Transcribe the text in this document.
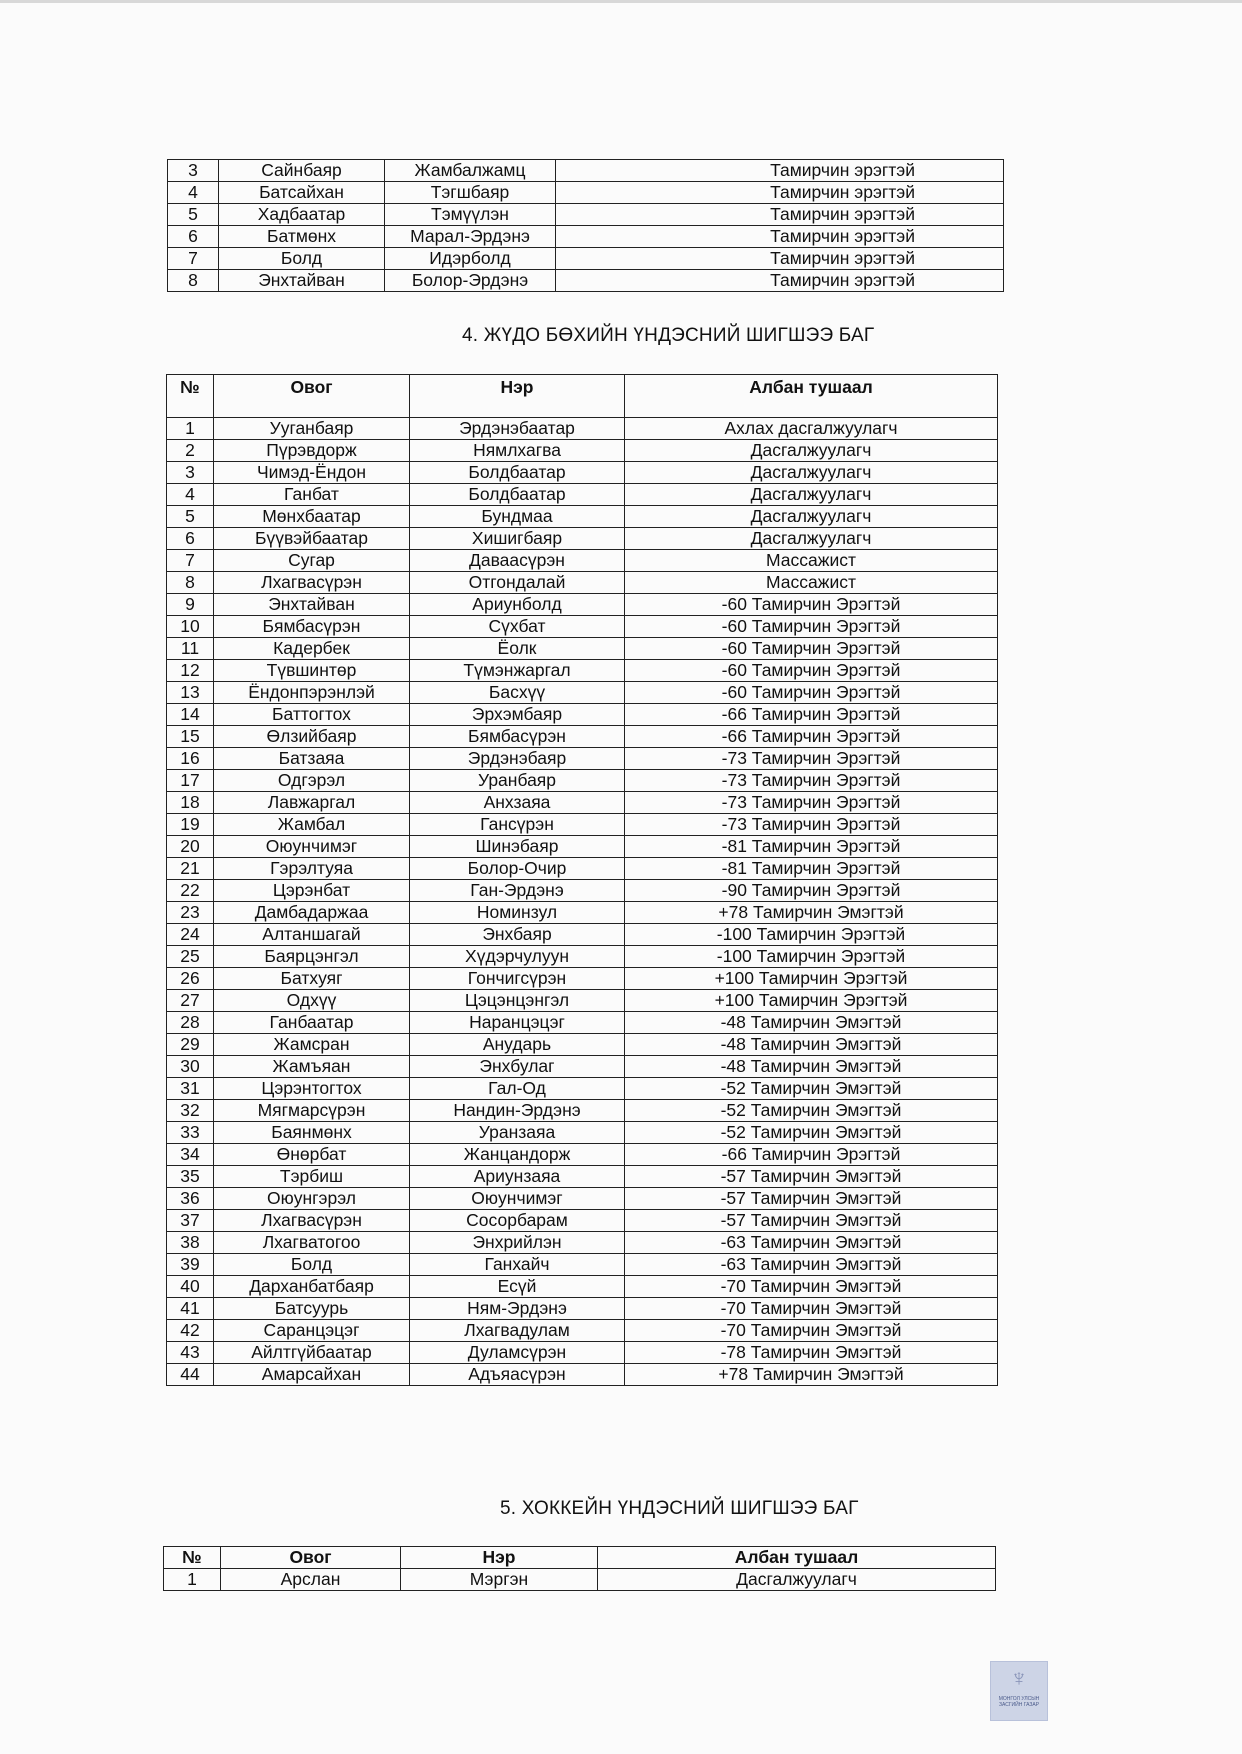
3	Сайнбаяр	Жамбалжамц	Тамирчин эрэгтэй
4	Батсайхан	Тэгшбаяр	Тамирчин эрэгтэй
5	Хадбаатар	Тэмүүлэн	Тамирчин эрэгтэй
6	Батмөнх	Марал-Эрдэнэ	Тамирчин эрэгтэй
7	Болд	Идэрболд	Тамирчин эрэгтэй
8	Энхтайван	Болор-Эрдэнэ	Тамирчин эрэгтэй
4. ЖҮДО БӨХИЙН ҮНДЭСНИЙ ШИГШЭЭ БАГ
№	Овог	Нэр	Албан тушаал
1	Ууганбаяр	Эрдэнэбаатар	Ахлах дасгалжуулагч
2	Пүрэвдорж	Нямлхагва	Дасгалжуулагч
3	Чимэд-Ёндон	Болдбаатар	Дасгалжуулагч
4	Ганбат	Болдбаатар	Дасгалжуулагч
5	Мөнхбаатар	Бундмаа	Дасгалжуулагч
6	Бүүвэйбаатар	Хишигбаяр	Дасгалжуулагч
7	Сугар	Даваасүрэн	Массажист
8	Лхагвасүрэн	Отгондалай	Массажист
9	Энхтайван	Ариунболд	-60 Тамирчин Эрэгтэй
10	Бямбасүрэн	Сүхбат	-60 Тамирчин Эрэгтэй
11	Кадербек	Ёолк	-60 Тамирчин Эрэгтэй
12	Түвшинтөр	Түмэнжаргал	-60 Тамирчин Эрэгтэй
13	Ёндонпэрэнлэй	Басхүү	-60 Тамирчин Эрэгтэй
14	Баттогтох	Эрхэмбаяр	-66 Тамирчин Эрэгтэй
15	Өлзийбаяр	Бямбасүрэн	-66 Тамирчин Эрэгтэй
16	Батзаяа	Эрдэнэбаяр	-73 Тамирчин Эрэгтэй
17	Одгэрэл	Уранбаяр	-73 Тамирчин Эрэгтэй
18	Лавжаргал	Анхзаяа	-73 Тамирчин Эрэгтэй
19	Жамбал	Гансүрэн	-73 Тамирчин Эрэгтэй
20	Оюунчимэг	Шинэбаяр	-81 Тамирчин Эрэгтэй
21	Гэрэлтуяа	Болор-Очир	-81 Тамирчин Эрэгтэй
22	Цэрэнбат	Ган-Эрдэнэ	-90 Тамирчин Эрэгтэй
23	Дамбадаржаа	Номинзул	+78 Тамирчин Эмэгтэй
24	Алтаншагай	Энхбаяр	-100 Тамирчин Эрэгтэй
25	Баярцэнгэл	Хүдэрчулуун	-100 Тамирчин Эрэгтэй
26	Батхуяг	Гончигсүрэн	+100 Тамирчин Эрэгтэй
27	Одхүү	Цэцэнцэнгэл	+100 Тамирчин Эрэгтэй
28	Ганбаатар	Наранцэцэг	-48 Тамирчин Эмэгтэй
29	Жамсран	Анударь	-48 Тамирчин Эмэгтэй
30	Жамъяан	Энхбулаг	-48 Тамирчин Эмэгтэй
31	Цэрэнтогтох	Гал-Од	-52 Тамирчин Эмэгтэй
32	Мягмарсүрэн	Нандин-Эрдэнэ	-52 Тамирчин Эмэгтэй
33	Баянмөнх	Уранзаяа	-52 Тамирчин Эмэгтэй
34	Өнөрбат	Жанцандорж	-66 Тамирчин Эрэгтэй
35	Тэрбиш	Ариунзаяа	-57 Тамирчин Эмэгтэй
36	Оюунгэрэл	Оюунчимэг	-57 Тамирчин Эмэгтэй
37	Лхагвасүрэн	Сосорбарам	-57 Тамирчин Эмэгтэй
38	Лхагватогоо	Энхрийлэн	-63 Тамирчин Эмэгтэй
39	Болд	Ганхайч	-63 Тамирчин Эмэгтэй
40	Дарханбатбаяр	Есүй	-70 Тамирчин Эмэгтэй
41	Батсуурь	Ням-Эрдэнэ	-70 Тамирчин Эмэгтэй
42	Саранцэцэг	Лхагвадулам	-70 Тамирчин Эмэгтэй
43	Айлтгүйбаатар	Дуламсүрэн	-78 Тамирчин Эмэгтэй
44	Амарсайхан	Адъяасүрэн	+78 Тамирчин Эмэгтэй
5. ХОККЕЙН ҮНДЭСНИЙ ШИГШЭЭ БАГ
№	Овог	Нэр	Албан тушаал
1	Арслан	Мэргэн	Дасгалжуулагч
♆
МОНГОЛ УЛСЫН
ЗАСГИЙН ГАЗАР
